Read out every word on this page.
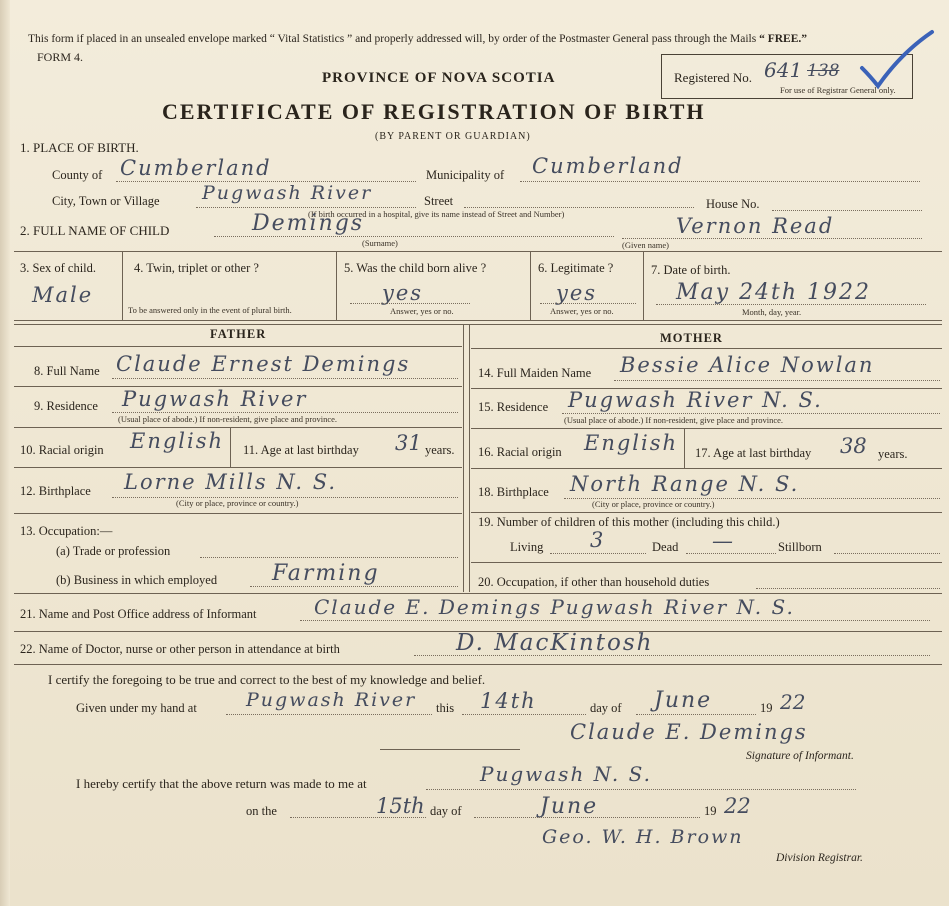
This form if placed in an unsealed envelope marked “ Vital Statistics ” and properly addressed will, by order of the Postmaster General pass through the Mails “ FREE.”
FORM 4.
PROVINCE OF NOVA SCOTIA
CERTIFICATE OF REGISTRATION OF BIRTH
(BY PARENT OR GUARDIAN)
Registered No. 641 138
For use of Registrar General only.
1. PLACE OF BIRTH.
County of Cumberland	Municipality of Cumberland
City, Town or Village Pugwash River	Street	House No.
(If birth occurred in a hospital, give its name instead of Street and Number)
2. FULL NAME OF CHILD	Demings
(Surname)
Vernon Read
(Given name)
3. Sex of child.
Male
4. Twin, triplet or other ?
To be answered only in the event of plural birth.
5. Was the child born alive ?
yes
Answer, yes or no.
6. Legitimate ?
yes
Answer, yes or no.
7. Date of birth.
May 24th 1922
Month, day, year.
FATHER	MOTHER
8. Full Name Claude Ernest Demings
9. Residence Pugwash River
(Usual place of abode.) If non-resident, give place and province.
10. Racial origin English 11. Age at last birthday 31 years.
12. Birthplace Lorne Mills N. S.
(City or place, province or country.)
13. Occupation:—
(a) Trade or profession
(b) Business in which employed Farming
14. Full Maiden Name Bessie Alice Nowlan
15. Residence Pugwash River N. S.
(Usual place of abode.) If non-resident, give place and province.
16. Racial origin English 17. Age at last birthday 38 years.
18. Birthplace North Range N. S.
(City or place, province or country.)
19. Number of children of this mother (including this child.)
Living 3	Dead —	Stillborn
20. Occupation, if other than household duties
21. Name and Post Office address of Informant	Claude E. Demings Pugwash River N. S.
22. Name of Doctor, nurse or other person in attendance at birth	D. MacKintosh
I certify the foregoing to be true and correct to the best of my knowledge and belief.
Given under my hand at	Pugwash River this 14th	day of June	19 22
Claude E. Demings
Signature of Informant.
I hereby certify that the above return was made to me at	Pugwash N. S.
on the	15th day of	June	19 22
Geo. W. H. Brown
Division Registrar.
